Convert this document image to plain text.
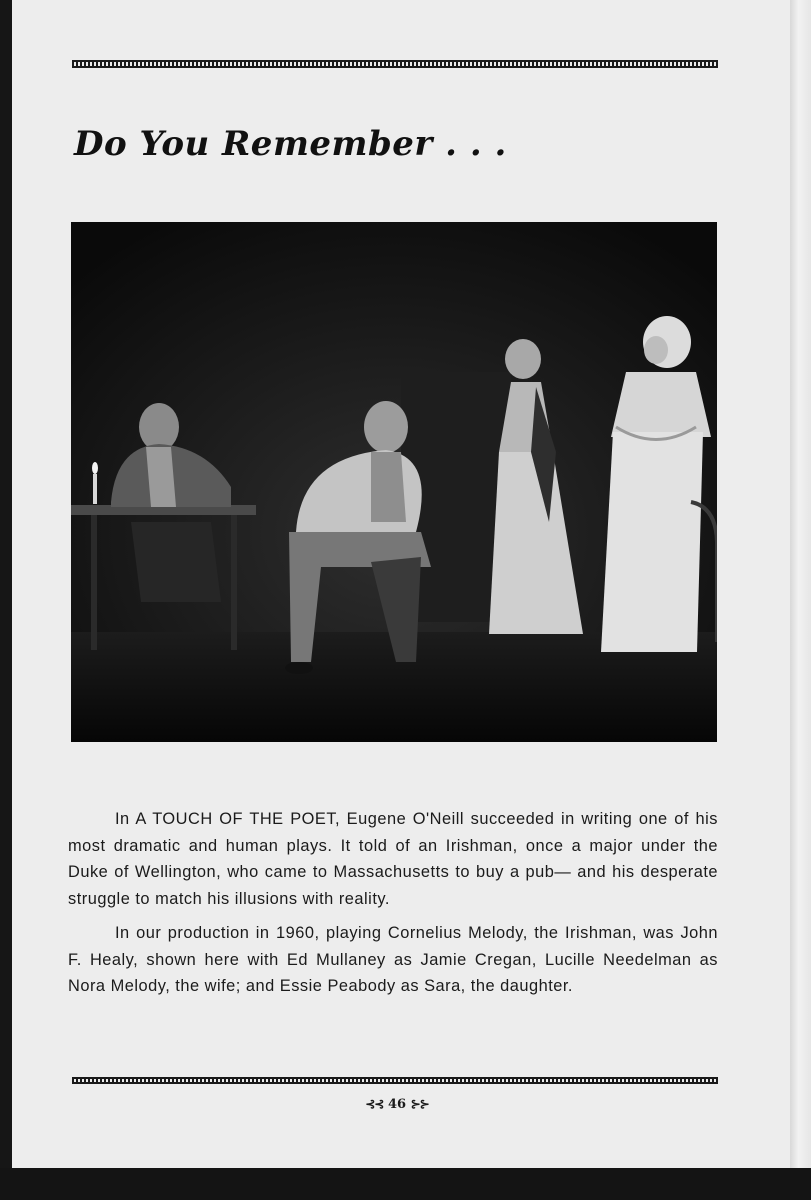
Do You Remember . . .

In A TOUCH OF THE POET, Eugene O'Neill succeeded in writing one of his most dramatic and human plays. It told of an Irishman, once a major under the Duke of Wellington, who came to Massachusetts to buy a pub— and his desperate struggle to match his illusions with reality.

In our production in 1960, playing Cornelius Melody, the Irishman, was John F. Healy, shown here with Ed Mullaney as Jamie Cregan, Lucille Needelman as Nora Melody, the wife; and Essie Peabody as Sara, the daughter.

⊰⊰ 46 ⊱⊱
